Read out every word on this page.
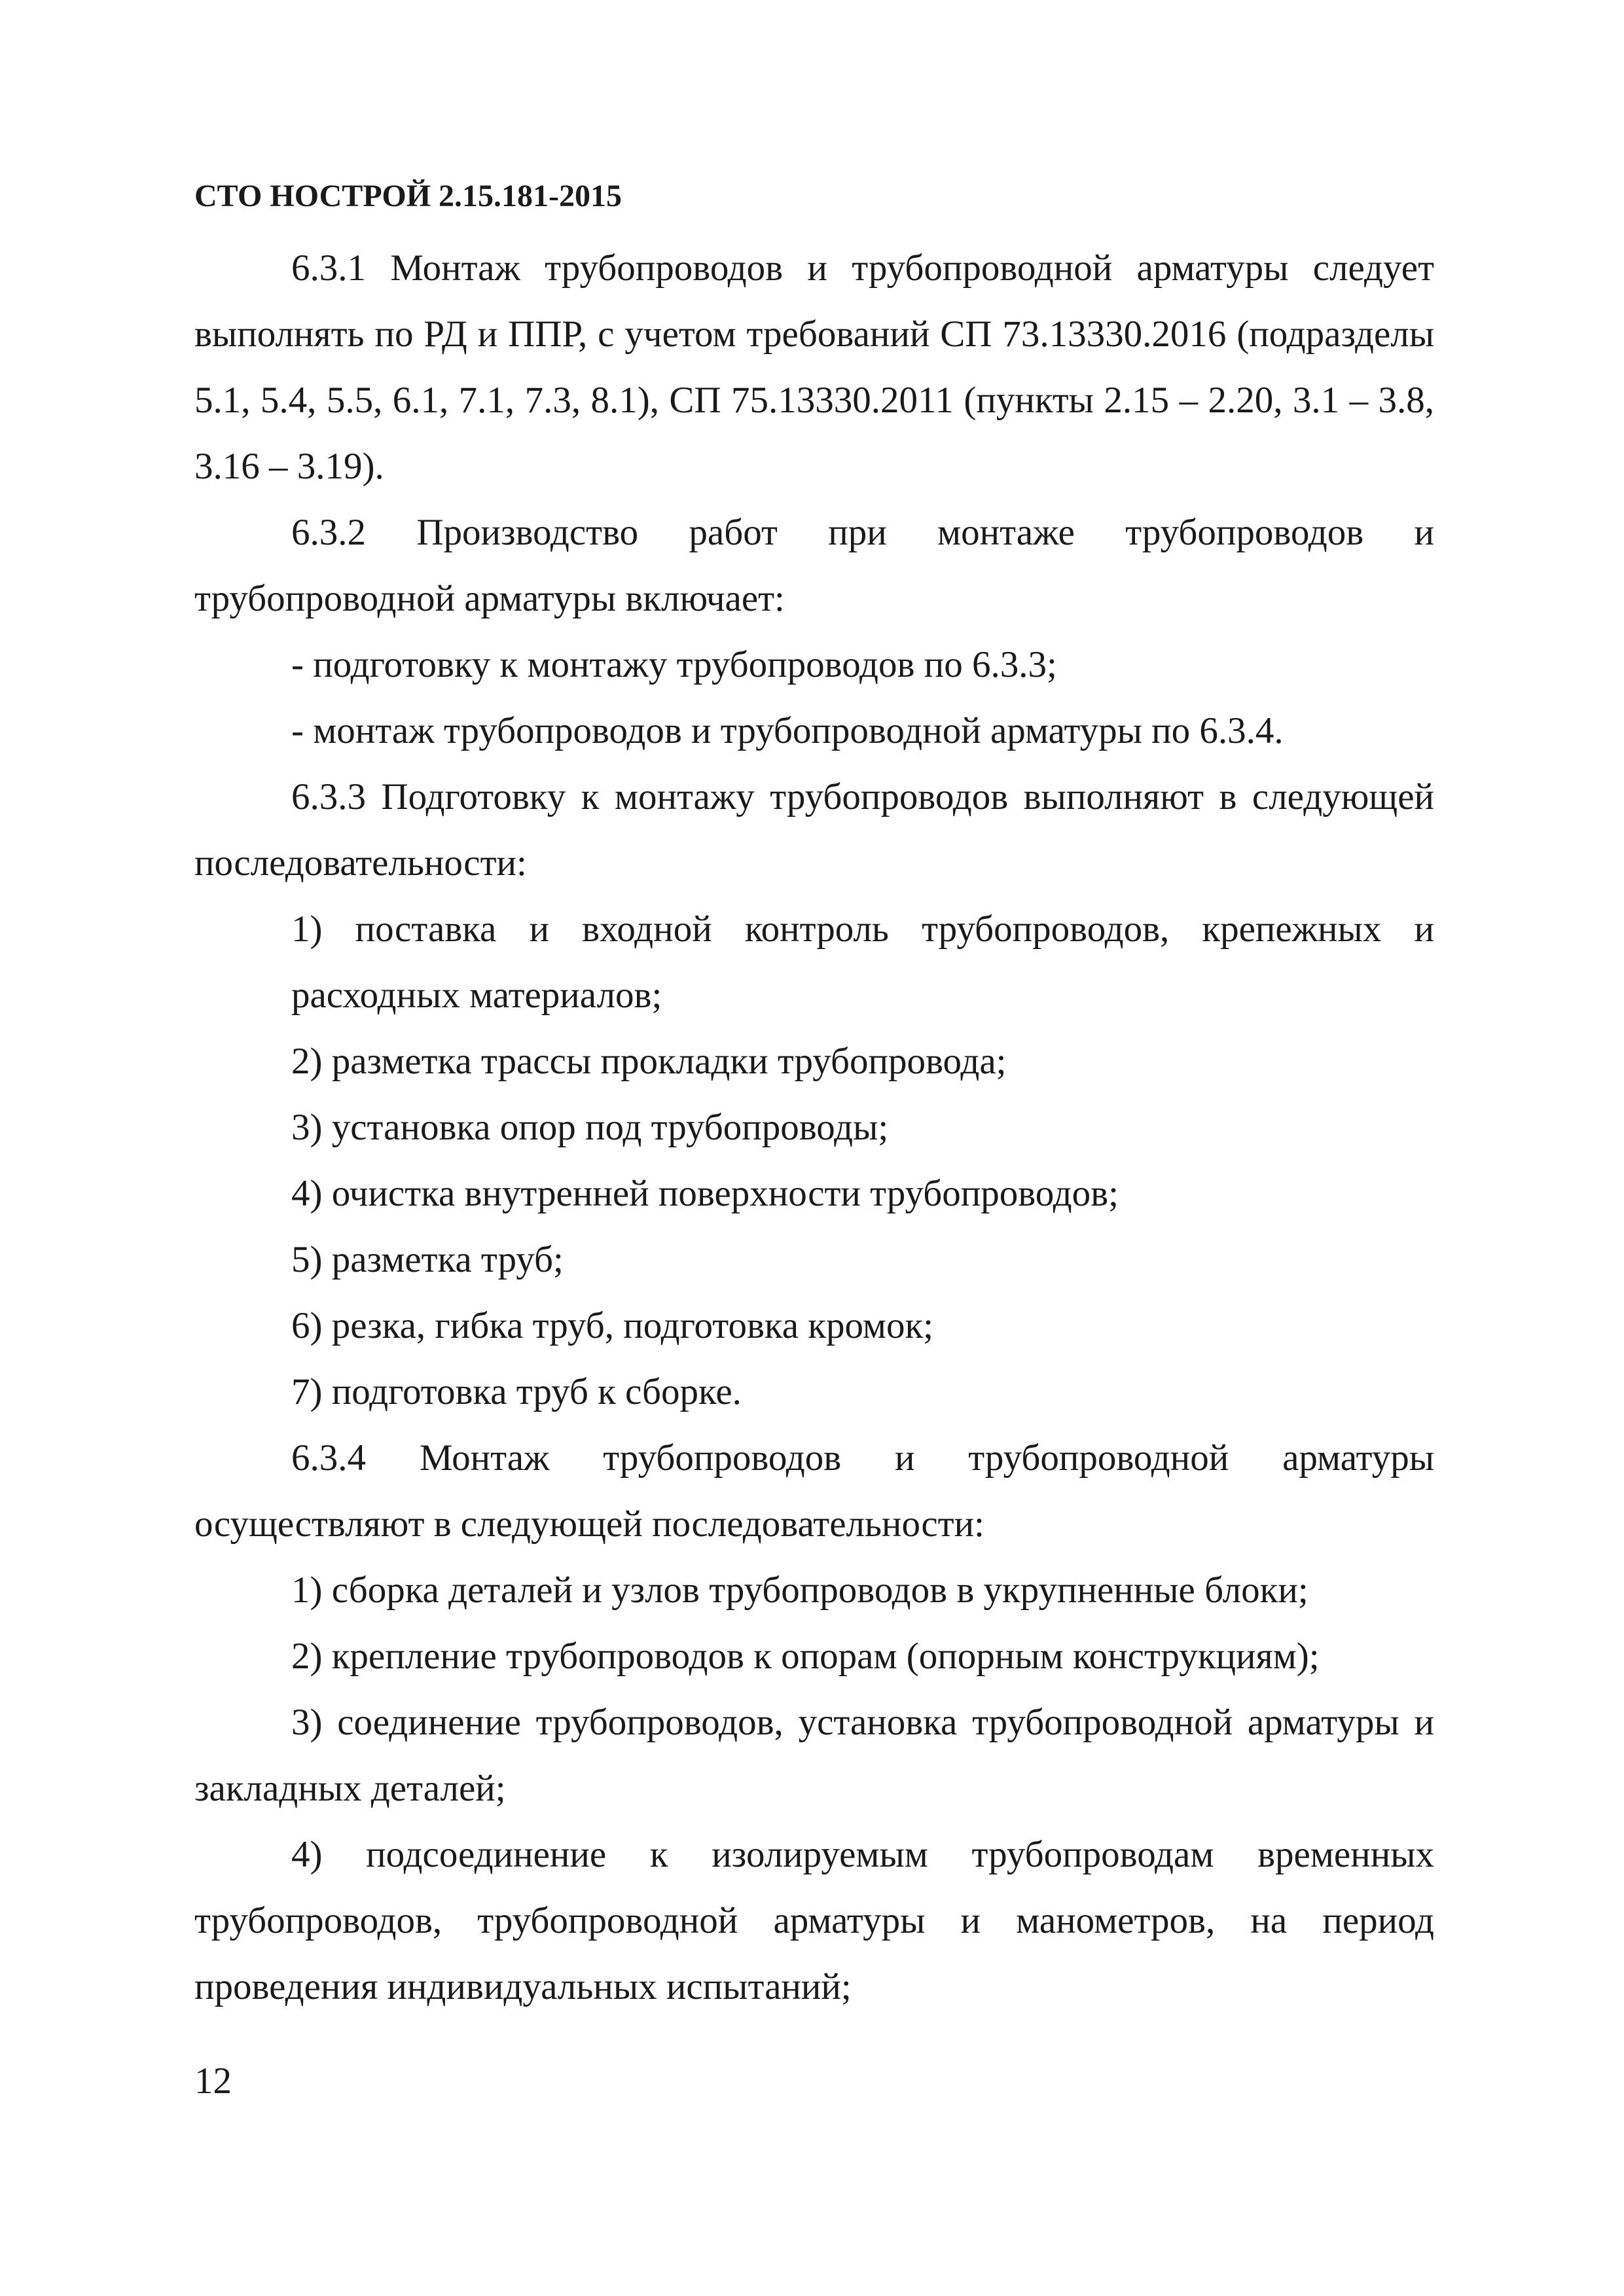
СТО НОСТРОЙ 2.15.181-2015

6.3.1 Монтаж трубопроводов и трубопроводной арматуры следует выполнять по РД и ППР, с учетом требований СП 73.13330.2016 (подразделы 5.1, 5.4, 5.5, 6.1, 7.1, 7.3, 8.1), СП 75.13330.2011 (пункты 2.15 – 2.20, 3.1 – 3.8, 3.16 – 3.19).

6.3.2 Производство работ при монтаже трубопроводов и трубопроводной арматуры включает:

- подготовку к монтажу трубопроводов по 6.3.3;

- монтаж трубопроводов и трубопроводной арматуры по 6.3.4.

6.3.3 Подготовку к монтажу трубопроводов выполняют в следующей последовательности:

1) поставка и входной контроль трубопроводов, крепежных и расходных материалов;

2) разметка трассы прокладки трубопровода;

3) установка опор под трубопроводы;

4) очистка внутренней поверхности трубопроводов;

5) разметка труб;

6) резка, гибка труб, подготовка кромок;

7) подготовка труб к сборке.

6.3.4 Монтаж трубопроводов и трубопроводной арматуры осуществляют в следующей последовательности:

1) сборка деталей и узлов трубопроводов в укрупненные блоки;

2) крепление трубопроводов к опорам (опорным конструкциям);

3) соединение трубопроводов, установка трубопроводной арматуры и закладных деталей;

4) подсоединение к изолируемым трубопроводам временных трубопроводов, трубопроводной арматуры и манометров, на период проведения индивидуальных испытаний;

12
